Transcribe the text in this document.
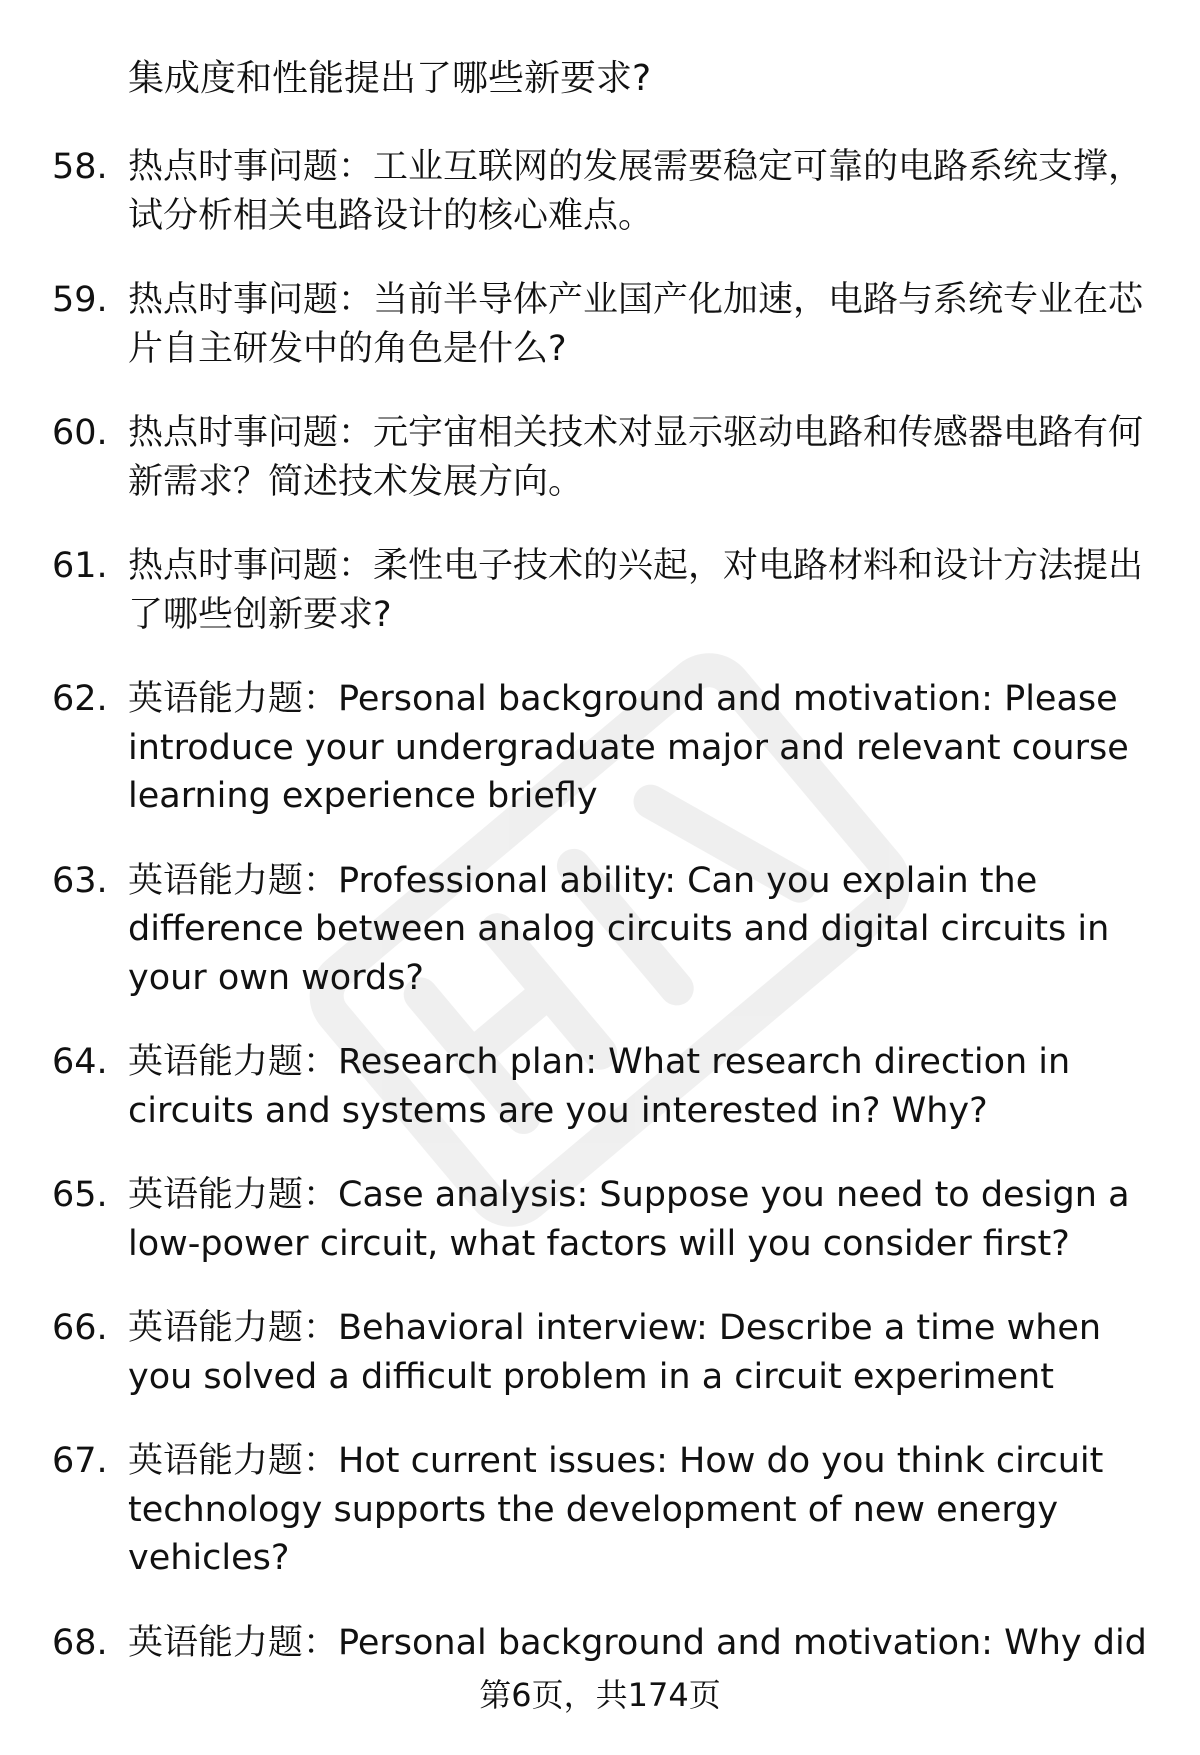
集成度和性能提出了哪些新要求?
58. 热点时事问题：工业互联网的发展需要稳定可靠的电路系统支撑，试分析相关电路设计的核心难点。
59. 热点时事问题：当前半导体产业国产化加速，电路与系统专业在芯片自主研发中的角色是什么?
60. 热点时事问题：元宇宙相关技术对显示驱动电路和传感器电路有何新需求？简述技术发展方向。
61. 热点时事问题：柔性电子技术的兴起，对电路材料和设计方法提出了哪些创新要求?
62. 英语能力题：Personal background and motivation: Please introduce your undergraduate major and relevant course learning experience briefly
63. 英语能力题：Professional ability: Can you explain the difference between analog circuits and digital circuits in your own words?
64. 英语能力题：Research plan: What research direction in circuits and systems are you interested in? Why?
65. 英语能力题：Case analysis: Suppose you need to design a low-power circuit, what factors will you consider first?
66. 英语能力题：Behavioral interview: Describe a time when you solved a difficult problem in a circuit experiment
67. 英语能力题：Hot current issues: How do you think circuit technology supports the development of new energy vehicles?
68. 英语能力题：Personal background and motivation: Why did
第6页，共174页
